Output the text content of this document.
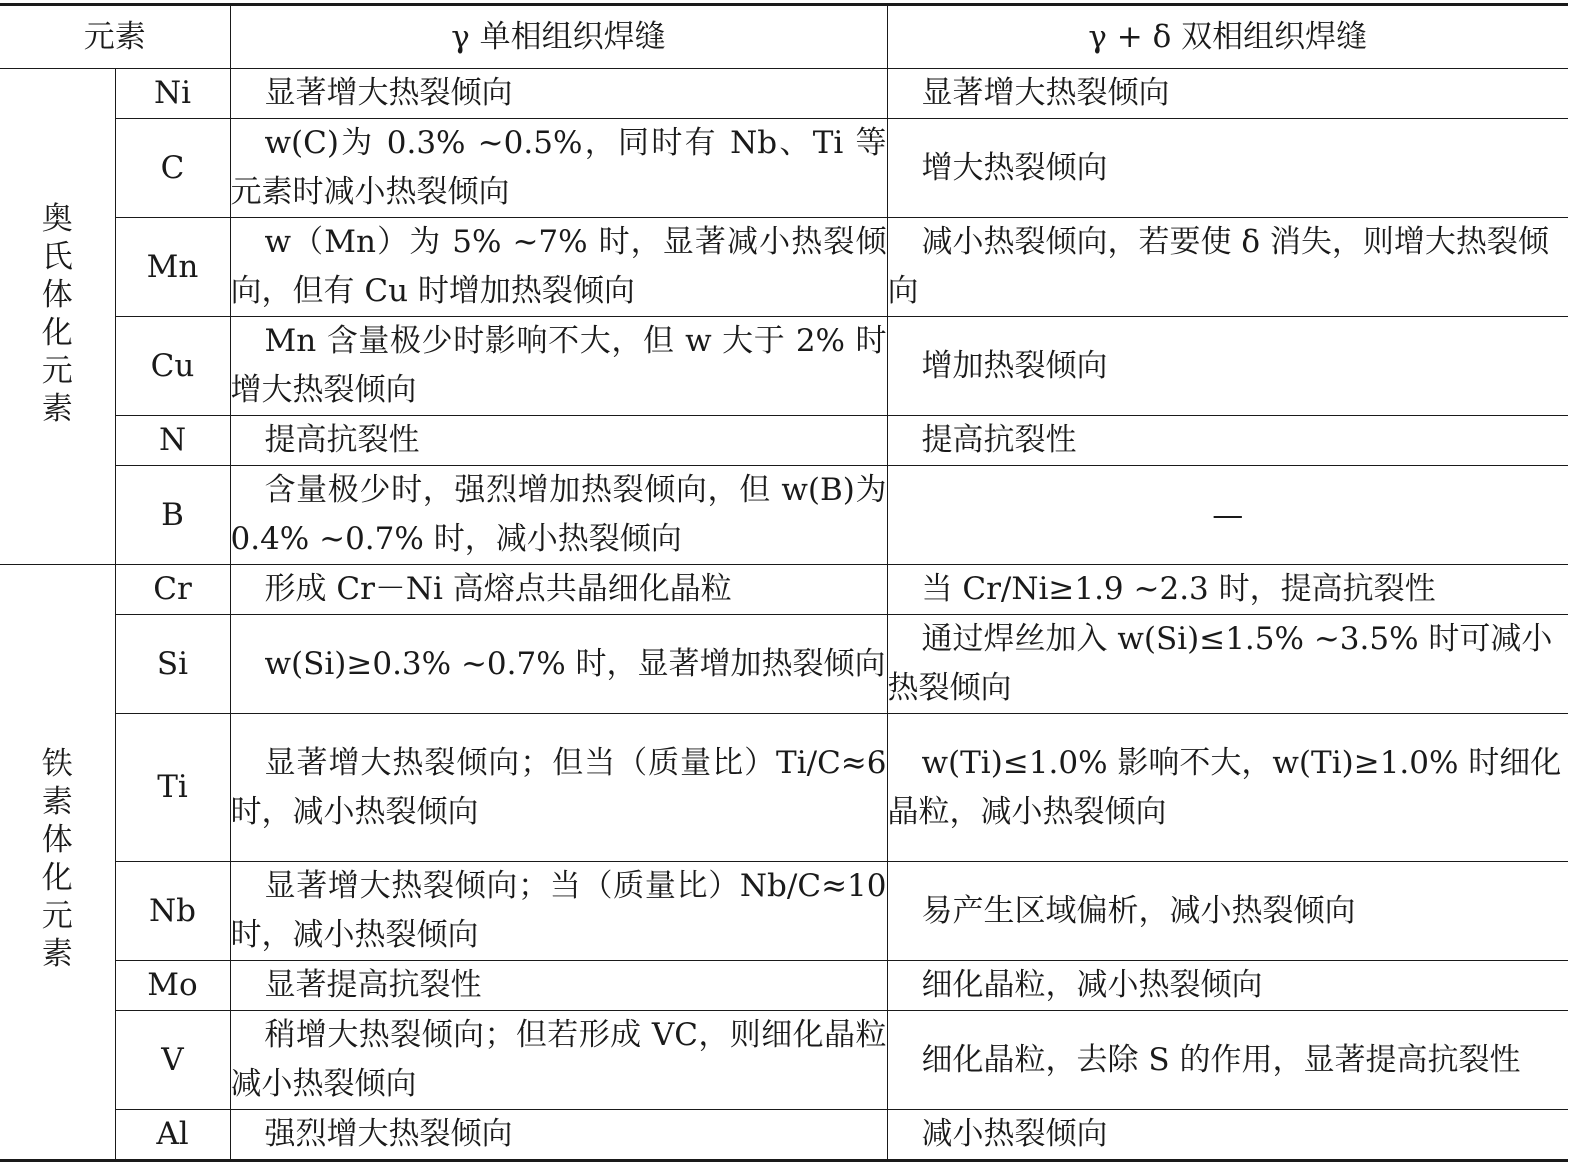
元素		γ 单相组织焊缝	γ + δ 双相组织焊缝
奥氏体化元素	Ni	显著增大热裂倾向	显著增大热裂倾向

	C	w(C)为 0.3% ~0.5%，同时有 Nb、Ti 等元素时减小热裂倾向	增大热裂倾向

	Mn	w（Mn）为 5% ~7% 时，显著减小热裂倾向，但有 Cu 时增加热裂倾向	减小热裂倾向，若要使 δ 消失，则增大热裂倾向

	Cu	Mn 含量极少时影响不大，但 w 大于 2% 时增大热裂倾向	增加热裂倾向

	N	提高抗裂性	提高抗裂性

	B	含量极少时，强烈增加热裂倾向，但 w(B)为 0.4% ~0.7% 时，减小热裂倾向	—
铁素体化元素	Cr	形成 Cr－Ni 高熔点共晶细化晶粒	当 Cr/Ni≥1.9 ~2.3 时，提高抗裂性

	Si	w(Si)≥0.3% ~0.7% 时，显著增加热裂倾向	通过焊丝加入 w(Si)≤1.5% ~3.5% 时可减小热裂倾向

	Ti	显著增大热裂倾向；但当（质量比）Ti/C≈6 时，减小热裂倾向	w(Ti)≤1.0% 影响不大，w(Ti)≥1.0% 时细化晶粒，减小热裂倾向

	Nb	显著增大热裂倾向；当（质量比）Nb/C≈10 时，减小热裂倾向	易产生区域偏析，减小热裂倾向

	Mo	显著提高抗裂性	细化晶粒，减小热裂倾向

	V	稍增大热裂倾向；但若形成 VC，则细化晶粒减小热裂倾向	细化晶粒，去除 S 的作用，显著提高抗裂性

	Al	强烈增大热裂倾向	减小热裂倾向
